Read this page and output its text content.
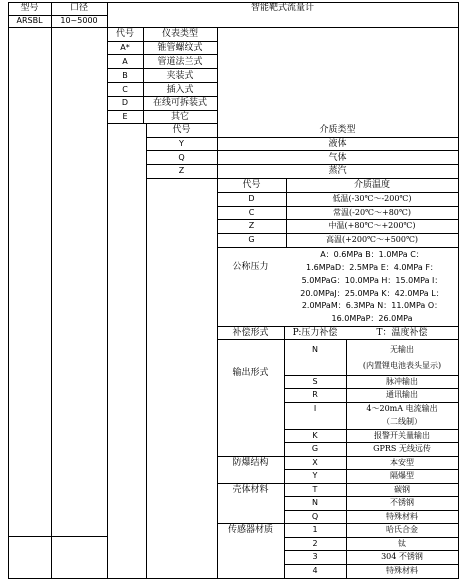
型号	口径	智能靶式流量计
ARSBL	10~5000
代号	仪表类型
A*	锥管螺纹式
A	管道法兰式
B	夹装式
C	插入式
D	在线可拆装式
E	其它
代号	介质类型
Y	液体
Q	气体
Z	蒸汽
代号	介质温度
D	低温(-30℃～-200℃)
C	常温(-20℃～+80℃)
Z	中温(+80℃～+200℃)
G	高温(+200℃～+500℃)
公称压力
A：0.6MPa B：1.0MPa C：
1.6MPaD：2.5MPa E：4.0MPa F：
5.0MPaG：10.0MPa H：15.0MPa I：
20.0MPaJ：25.0MPa K：42.0MPa L：
2.0MPaM：6.3MPa N：11.0MPa O：
16.0MPaP：26.0MPa
补偿形式	P:压力补偿	T：温度补偿
输出形式
N	无输出
(内置锂电池表头显示)
S	脉冲输出
R	通讯输出
I	4～20mA 电流输出
（二线制）
K	报警开关量输出
G	GPRS 无线远传
防爆结构	X	本安型
Y	隔爆型
壳体材料	T	碳钢
N	不锈钢
Q	特殊材料
传感器材质	1	哈氏合金
2	钛
3	304 不锈钢
4	特殊材料
